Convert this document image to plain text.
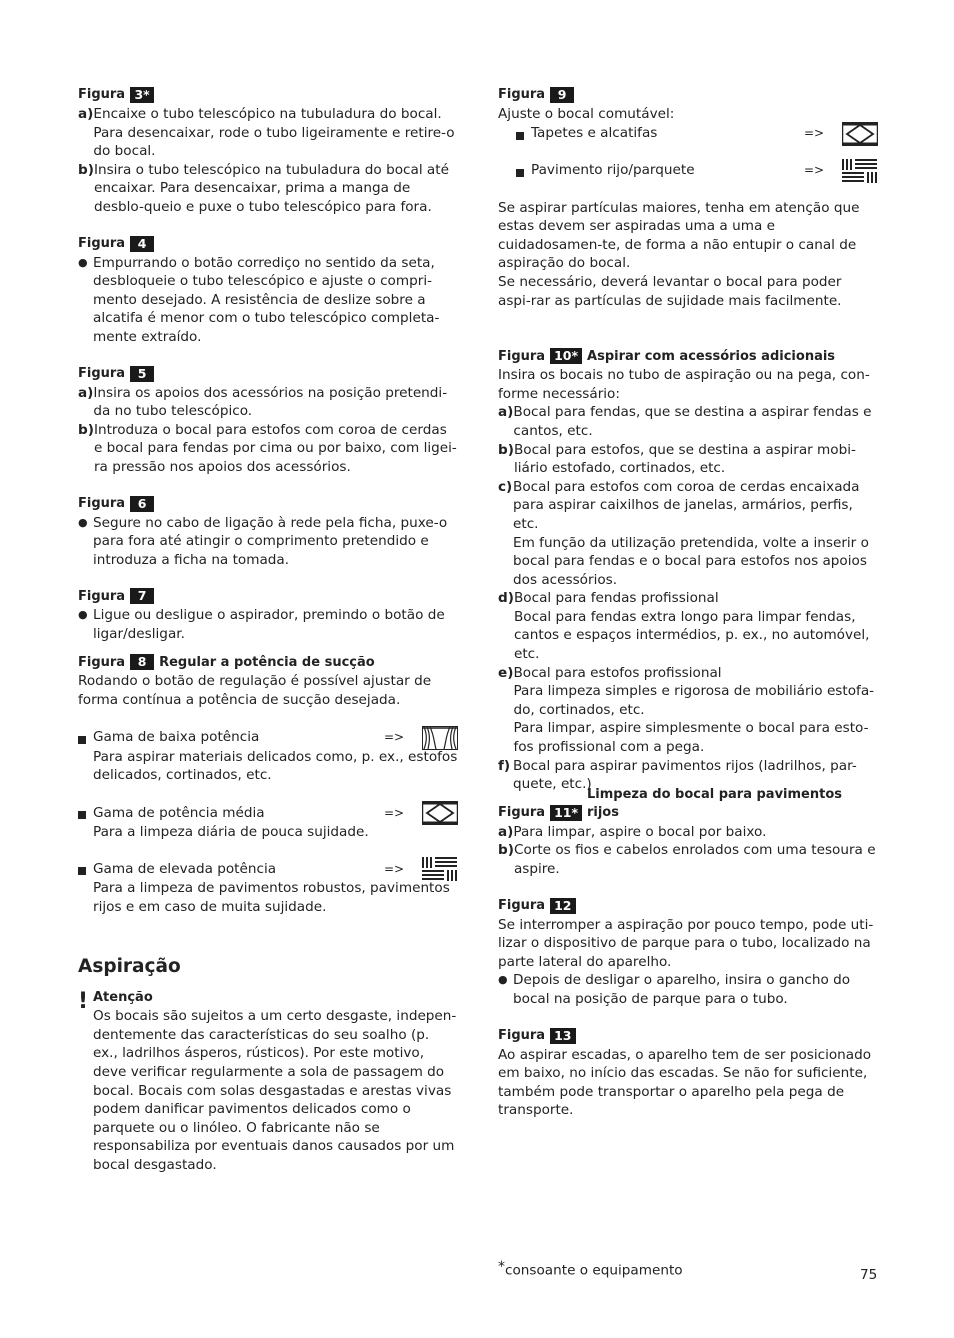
Figura 3*
a) Encaixe o tubo telescópico na tubuladura do bocal. Para desencaixar, rode o tubo ligeiramente e retire-o do bocal.
b) Insira o tubo telescópico na tubuladura do bocal até encaixar. Para desencaixar, prima a manga de desblo-queio e puxe o tubo telescópico para fora.
Figura	4
● Empurrando o botão corrediço no sentido da seta, desbloqueie o tubo telescópico e ajuste o compri-mento desejado. A resistência de deslize sobre a alcatifa é menor com o tubo telescópico completa-mente extraído.
Figura	5
a) Insira os apoios dos acessórios na posição pretendi-da no tubo telescópico.
b) Introduza o bocal para estofos com coroa de cerdas e bocal para fendas por cima ou por baixo, com ligei-ra pressão nos apoios dos acessórios.
Figura	6
● Segure no cabo de ligação à rede pela ficha, puxe-o para fora até atingir o comprimento pretendido e introduza a ficha na tomada.
Figura	7
● Ligue ou desligue o aspirador, premindo o botão de ligar/desligar.
Figura	8 Regular a potência de sucção
Rodando o botão de regulação é possível ajustar de forma contínua a potência de sucção desejada.
Gama de baixa potência	=>
Para aspirar materiais delicados como, p. ex., estofos delicados, cortinados, etc.
Gama de potência média	=>
Para a limpeza diária de pouca sujidade.
Gama de elevada potência	=>
Para a limpeza de pavimentos robustos, pavimentos rijos e em caso de muita sujidade.
Aspiração
! Atenção
Os bocais são sujeitos a um certo desgaste, indepen-dentemente das características do seu soalho (p. ex., ladrilhos ásperos, rústicos). Por este motivo, deve verificar regularmente a sola de passagem do bocal. Bocais com solas desgastadas e arestas vivas podem danificar pavimentos delicados como o parquete ou o linóleo. O fabricante não se responsabiliza por eventuais danos causados por um bocal desgastado.
Figura	9
Ajuste o bocal comutável:
Tapetes e alcatifas	=>
Pavimento rijo/parquete	=>
Se aspirar partículas maiores, tenha em atenção que estas devem ser aspiradas uma a uma e cuidadosamen-te, de forma a não entupir o canal de aspiração do bocal.
Se necessário, deverá levantar o bocal para poder aspi-rar as partículas de sujidade mais facilmente.
Figura 10* Aspirar com acessórios adicionais
Insira os bocais no tubo de aspiração ou na pega, con-forme necessário:
a) Bocal para fendas, que se destina a aspirar fendas e cantos, etc.
b) Bocal para estofos, que se destina a aspirar mobi-liário estofado, cortinados, etc.
c) Bocal para estofos com coroa de cerdas encaixada para aspirar caixilhos de janelas, armários, perfis, etc.
Em função da utilização pretendida, volte a inserir o bocal para fendas e o bocal para estofos nos apoios dos acessórios.
d) Bocal para fendas profissional
Bocal para fendas extra longo para limpar fendas, cantos e espaços intermédios, p. ex., no automóvel, etc.
e) Bocal para estofos profissional
Para limpeza simples e rigorosa de mobiliário estofa-do, cortinados, etc.
Para limpar, aspire simplesmente o bocal para esto-fos profissional com a pega.
f) Bocal para aspirar pavimentos rijos (ladrilhos, par-quete, etc.)
Figura 11*
Limpeza do bocal para pavimentos rijos
a) Para limpar, aspire o bocal por baixo.
b) Corte os fios e cabelos enrolados com uma tesoura e aspire.
Figura 12
Se interromper a aspiração por pouco tempo, pode uti-lizar o dispositivo de parque para o tubo, localizado na parte lateral do aparelho.
● Depois de desligar o aparelho, insira o gancho do bocal na posição de parque para o tubo.
Figura 13
Ao aspirar escadas, o aparelho tem de ser posicionado em baixo, no início das escadas. Se não for suficiente, também pode transportar o aparelho pela pega de transporte.
*consoante o equipamento	75
